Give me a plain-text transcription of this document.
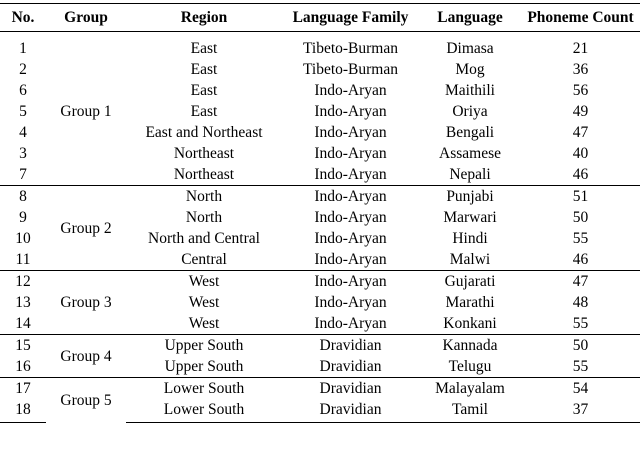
No.	Group	Region	Language Family	Language	Phoneme Count
1	Group 1	East	Tibeto-Burman	Dimasa	21
2		East	Tibeto-Burman	Mog	36
6		East	Indo-Aryan	Maithili	56
5		East	Indo-Aryan	Oriya	49
4		East and Northeast	Indo-Aryan	Bengali	47
3		Northeast	Indo-Aryan	Assamese	40
7		Northeast	Indo-Aryan	Nepali	46
8	Group 2	North	Indo-Aryan	Punjabi	51
9		North	Indo-Aryan	Marwari	50
10		North and Central	Indo-Aryan	Hindi	55
11		Central	Indo-Aryan	Malwi	46
12	Group 3	West	Indo-Aryan	Gujarati	47
13		West	Indo-Aryan	Marathi	48
14		West	Indo-Aryan	Konkani	55
15	Group 4	Upper South	Dravidian	Kannada	50
16		Upper South	Dravidian	Telugu	55
17	Group 5	Lower South	Dravidian	Malayalam	54
18		Lower South	Dravidian	Tamil	37
